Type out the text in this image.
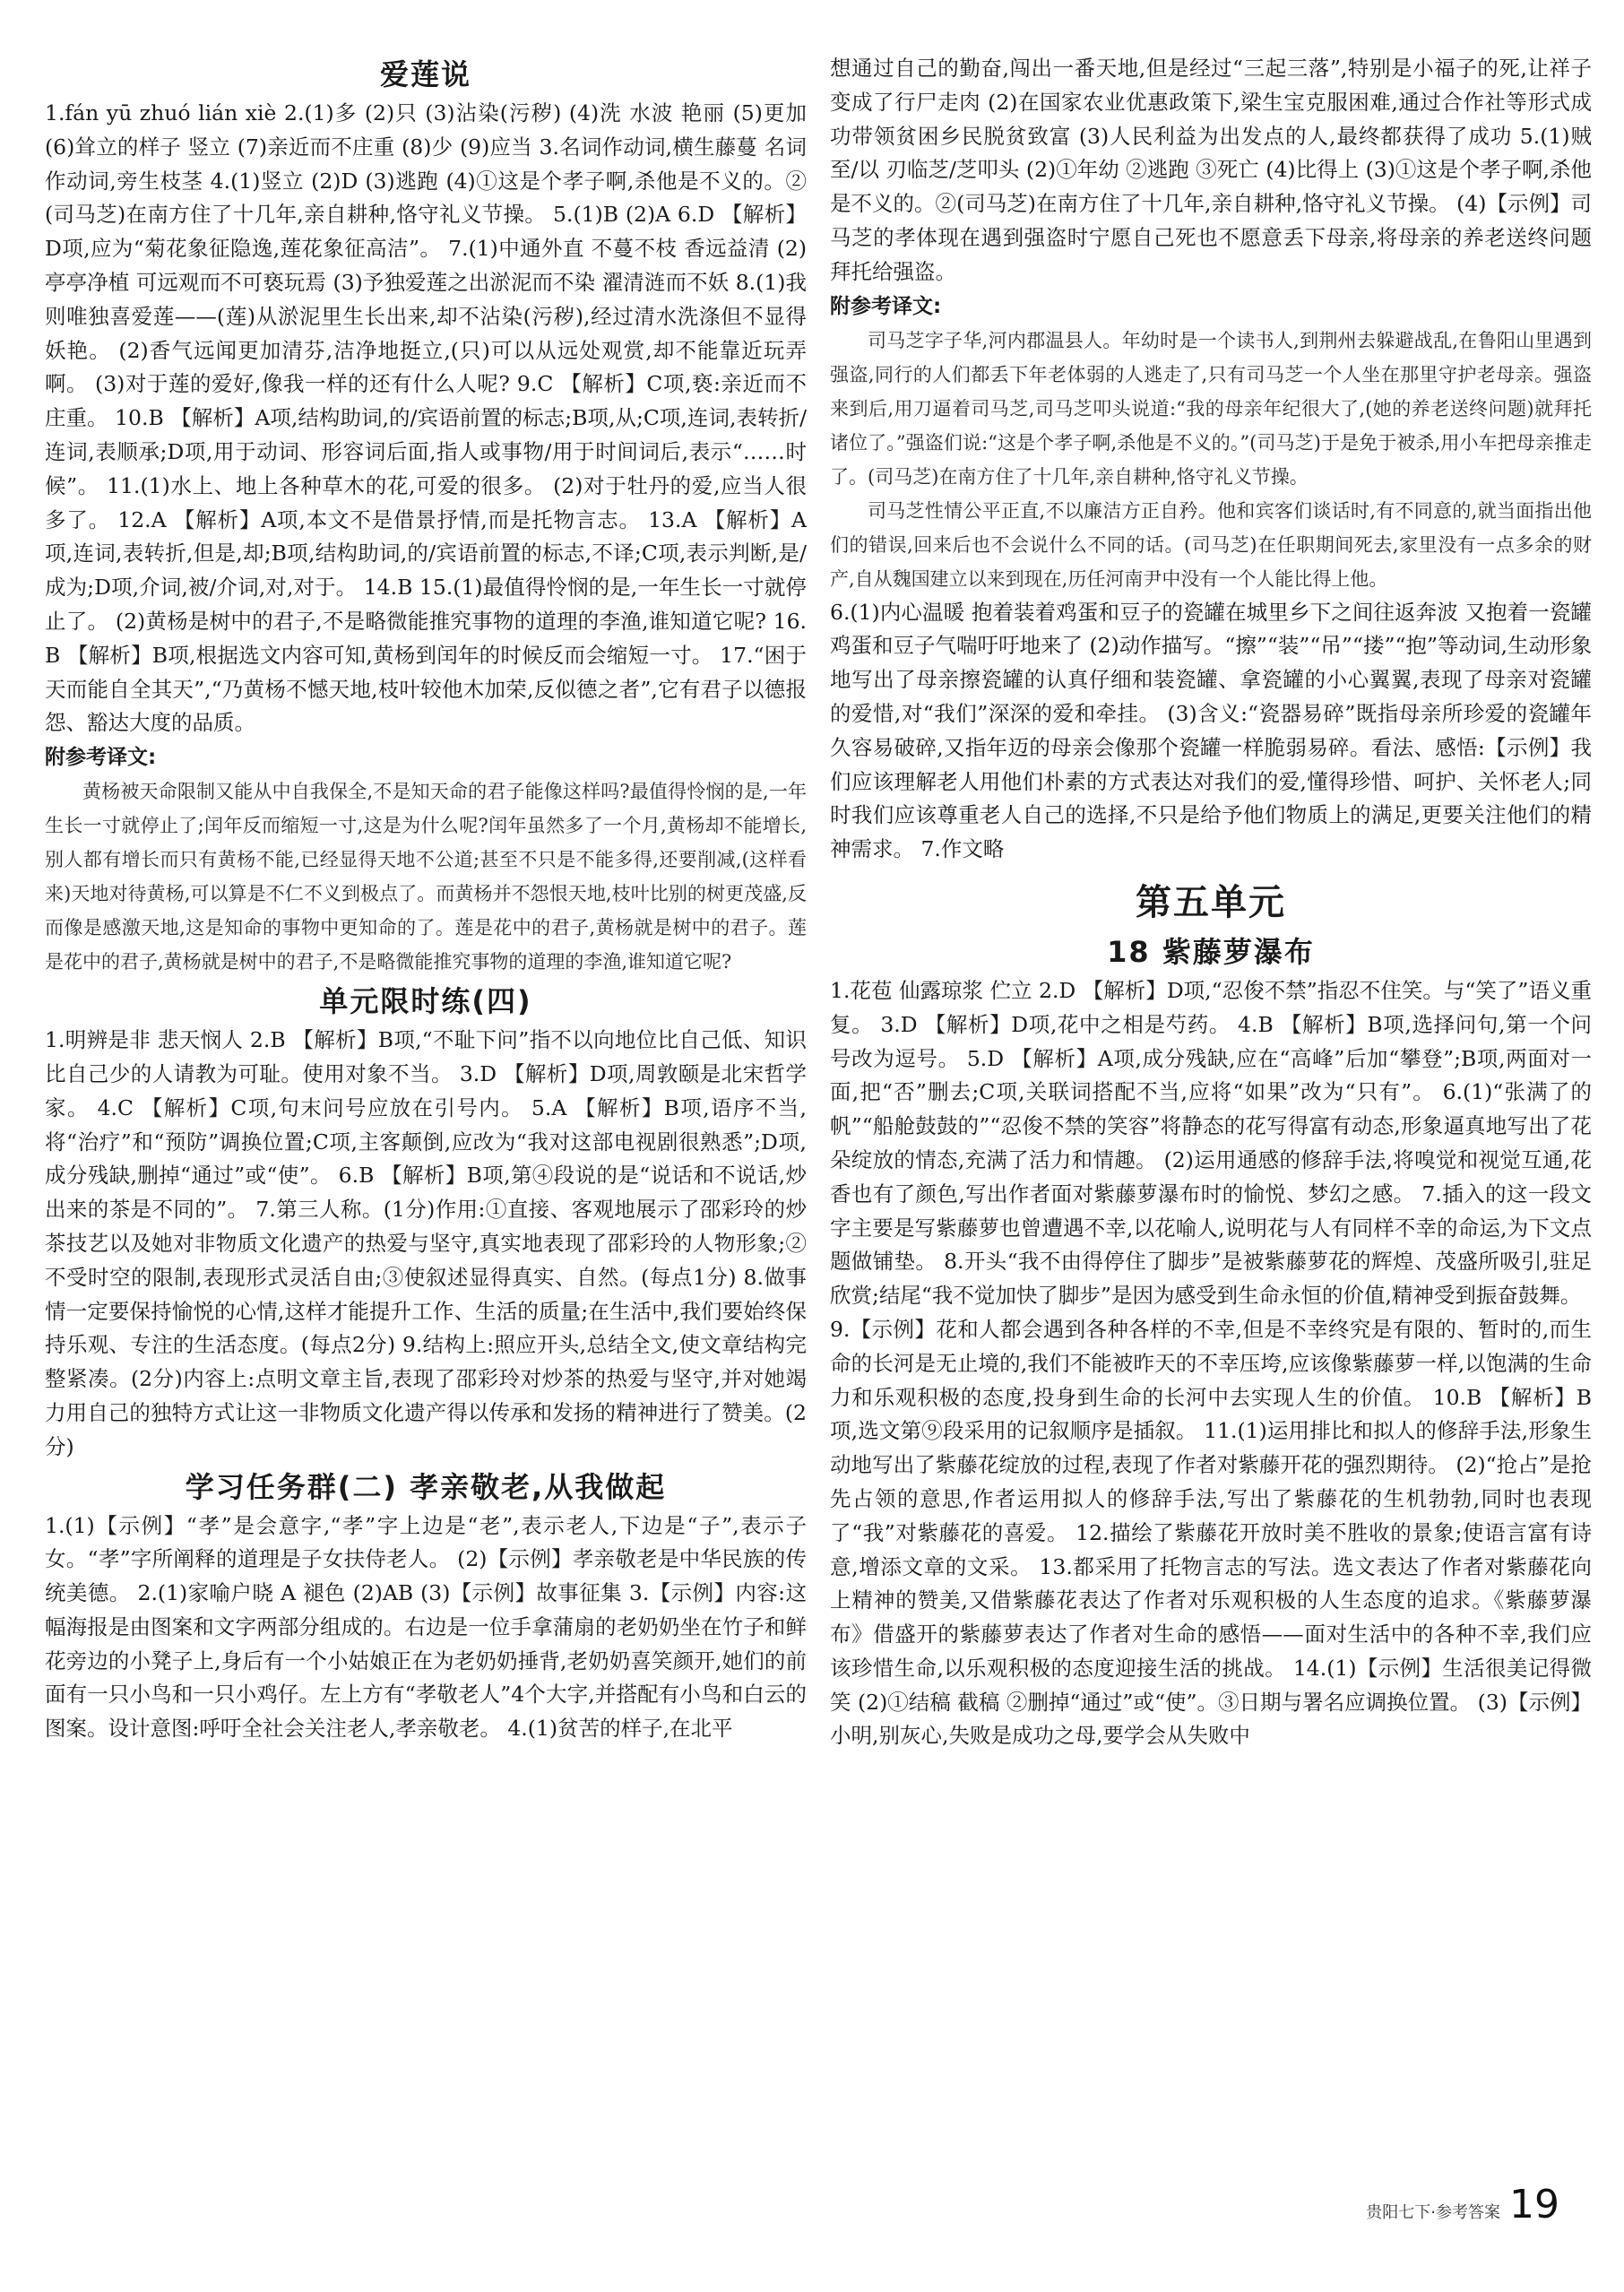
爱莲说

1.fán yū zhuó lián xiè 2.(1)多 (2)只 (3)沾染(污秽) (4)洗 水波 艳丽 (5)更加 (6)耸立的样子 竖立 (7)亲近而不庄重 (8)少 (9)应当 3.名词作动词,横生藤蔓 名词作动词,旁生枝茎 4.(1)竖立 (2)D (3)逃跑 (4)①这是个孝子啊,杀他是不义的。②(司马芝)在南方住了十几年,亲自耕种,恪守礼义节操。 5.(1)B (2)A 6.D 【解析】D项,应为“菊花象征隐逸,莲花象征高洁”。 7.(1)中通外直 不蔓不枝 香远益清 (2)亭亭净植 可远观而不可亵玩焉 (3)予独爱莲之出淤泥而不染 濯清涟而不妖 8.(1)我则唯独喜爱莲——(莲)从淤泥里生长出来,却不沾染(污秽),经过清水洗涤但不显得妖艳。 (2)香气远闻更加清芬,洁净地挺立,(只)可以从远处观赏,却不能靠近玩弄啊。 (3)对于莲的爱好,像我一样的还有什么人呢? 9.C 【解析】C项,亵:亲近而不庄重。 10.B 【解析】A项,结构助词,的/宾语前置的标志;B项,从;C项,连词,表转折/连词,表顺承;D项,用于动词、形容词后面,指人或事物/用于时间词后,表示“……时候”。 11.(1)水上、地上各种草木的花,可爱的很多。 (2)对于牡丹的爱,应当人很多了。 12.A 【解析】A项,本文不是借景抒情,而是托物言志。 13.A 【解析】A项,连词,表转折,但是,却;B项,结构助词,的/宾语前置的标志,不译;C项,表示判断,是/成为;D项,介词,被/介词,对,对于。 14.B 15.(1)最值得怜悯的是,一年生长一寸就停止了。 (2)黄杨是树中的君子,不是略微能推究事物的道理的李渔,谁知道它呢? 16.B 【解析】B项,根据选文内容可知,黄杨到闰年的时候反而会缩短一寸。 17.“困于天而能自全其天”,“乃黄杨不憾天地,枝叶较他木加荣,反似德之者”,它有君子以德报怨、豁达大度的品质。

附参考译文:

黄杨被天命限制又能从中自我保全,不是知天命的君子能像这样吗?最值得怜悯的是,一年生长一寸就停止了;闰年反而缩短一寸,这是为什么呢?闰年虽然多了一个月,黄杨却不能增长,别人都有增长而只有黄杨不能,已经显得天地不公道;甚至不只是不能多得,还要削减,(这样看来)天地对待黄杨,可以算是不仁不义到极点了。而黄杨并不怨恨天地,枝叶比别的树更茂盛,反而像是感激天地,这是知命的事物中更知命的了。莲是花中的君子,黄杨就是树中的君子。莲是花中的君子,黄杨就是树中的君子,不是略微能推究事物的道理的李渔,谁知道它呢?

单元限时练(四)

1.明辨是非 悲天悯人 2.B 【解析】B项,“不耻下问”指不以向地位比自己低、知识比自己少的人请教为可耻。使用对象不当。 3.D 【解析】D项,周敦颐是北宋哲学家。 4.C 【解析】C项,句末问号应放在引号内。 5.A 【解析】B项,语序不当,将“治疗”和“预防”调换位置;C项,主客颠倒,应改为“我对这部电视剧很熟悉”;D项,成分残缺,删掉“通过”或“使”。 6.B 【解析】B项,第④段说的是“说话和不说话,炒出来的茶是不同的”。 7.第三人称。(1分)作用:①直接、客观地展示了邵彩玲的炒茶技艺以及她对非物质文化遗产的热爱与坚守,真实地表现了邵彩玲的人物形象;②不受时空的限制,表现形式灵活自由;③使叙述显得真实、自然。(每点1分) 8.做事情一定要保持愉悦的心情,这样才能提升工作、生活的质量;在生活中,我们要始终保持乐观、专注的生活态度。(每点2分) 9.结构上:照应开头,总结全文,使文章结构完整紧凑。(2分)内容上:点明文章主旨,表现了邵彩玲对炒茶的热爱与坚守,并对她竭力用自己的独特方式让这一非物质文化遗产得以传承和发扬的精神进行了赞美。(2分)

学习任务群(二) 孝亲敬老,从我做起

1.(1)【示例】“孝”是会意字,“孝”字上边是“老”,表示老人,下边是“子”,表示子女。“孝”字所阐释的道理是子女扶侍老人。 (2)【示例】孝亲敬老是中华民族的传统美德。 2.(1)家喻户晓 A 褪色 (2)AB (3)【示例】故事征集 3.【示例】内容:这幅海报是由图案和文字两部分组成的。右边是一位手拿蒲扇的老奶奶坐在竹子和鲜花旁边的小凳子上,身后有一个小姑娘正在为老奶奶捶背,老奶奶喜笑颜开,她们的前面有一只小鸟和一只小鸡仔。左上方有“孝敬老人”4个大字,并搭配有小鸟和白云的图案。设计意图:呼吁全社会关注老人,孝亲敬老。 4.(1)贫苦的样子,在北平

想通过自己的勤奋,闯出一番天地,但是经过“三起三落”,特别是小福子的死,让祥子变成了行尸走肉 (2)在国家农业优惠政策下,梁生宝克服困难,通过合作社等形式成功带领贫困乡民脱贫致富 (3)人民利益为出发点的人,最终都获得了成功 5.(1)贼 至/以 刃临芝/芝叩头 (2)①年幼 ②逃跑 ③死亡 (4)比得上 (3)①这是个孝子啊,杀他是不义的。②(司马芝)在南方住了十几年,亲自耕种,恪守礼义节操。 (4)【示例】司马芝的孝体现在遇到强盗时宁愿自己死也不愿意丢下母亲,将母亲的养老送终问题拜托给强盗。

附参考译文:

司马芝字子华,河内郡温县人。年幼时是一个读书人,到荆州去躲避战乱,在鲁阳山里遇到强盗,同行的人们都丢下年老体弱的人逃走了,只有司马芝一个人坐在那里守护老母亲。强盗来到后,用刀逼着司马芝,司马芝叩头说道:“我的母亲年纪很大了,(她的养老送终问题)就拜托诸位了。”强盗们说:“这是个孝子啊,杀他是不义的。”(司马芝)于是免于被杀,用小车把母亲推走了。(司马芝)在南方住了十几年,亲自耕种,恪守礼义节操。

司马芝性情公平正直,不以廉洁方正自矜。他和宾客们谈话时,有不同意的,就当面指出他们的错误,回来后也不会说什么不同的话。(司马芝)在任职期间死去,家里没有一点多余的财产,自从魏国建立以来到现在,历任河南尹中没有一个人能比得上他。

6.(1)内心温暖 抱着装着鸡蛋和豆子的瓷罐在城里乡下之间往返奔波 又抱着一瓷罐鸡蛋和豆子气喘吁吁地来了 (2)动作描写。“擦”“装”“吊”“搂”“抱”等动词,生动形象地写出了母亲擦瓷罐的认真仔细和装瓷罐、拿瓷罐的小心翼翼,表现了母亲对瓷罐的爱惜,对“我们”深深的爱和牵挂。 (3)含义:“瓷器易碎”既指母亲所珍爱的瓷罐年久容易破碎,又指年迈的母亲会像那个瓷罐一样脆弱易碎。看法、感悟:【示例】我们应该理解老人用他们朴素的方式表达对我们的爱,懂得珍惜、呵护、关怀老人;同时我们应该尊重老人自己的选择,不只是给予他们物质上的满足,更要关注他们的精神需求。 7.作文略

第五单元
18 紫藤萝瀑布

1.花苞 仙露琼浆 伫立 2.D 【解析】D项,“忍俊不禁”指忍不住笑。与“笑了”语义重复。 3.D 【解析】D项,花中之相是芍药。 4.B 【解析】B项,选择问句,第一个问号改为逗号。 5.D 【解析】A项,成分残缺,应在“高峰”后加“攀登”;B项,两面对一面,把“否”删去;C项,关联词搭配不当,应将“如果”改为“只有”。 6.(1)“张满了的帆”“船舱鼓鼓的”“忍俊不禁的笑容”将静态的花写得富有动态,形象逼真地写出了花朵绽放的情态,充满了活力和情趣。 (2)运用通感的修辞手法,将嗅觉和视觉互通,花香也有了颜色,写出作者面对紫藤萝瀑布时的愉悦、梦幻之感。 7.插入的这一段文字主要是写紫藤萝也曾遭遇不幸,以花喻人,说明花与人有同样不幸的命运,为下文点题做铺垫。 8.开头“我不由得停住了脚步”是被紫藤萝花的辉煌、茂盛所吸引,驻足欣赏;结尾“我不觉加快了脚步”是因为感受到生命永恒的价值,精神受到振奋鼓舞。

9.【示例】花和人都会遇到各种各样的不幸,但是不幸终究是有限的、暂时的,而生命的长河是无止境的,我们不能被昨天的不幸压垮,应该像紫藤萝一样,以饱满的生命力和乐观积极的态度,投身到生命的长河中去实现人生的价值。 10.B 【解析】B项,选文第⑨段采用的记叙顺序是插叙。 11.(1)运用排比和拟人的修辞手法,形象生动地写出了紫藤花绽放的过程,表现了作者对紫藤开花的强烈期待。 (2)“抢占”是抢先占领的意思,作者运用拟人的修辞手法,写出了紫藤花的生机勃勃,同时也表现了“我”对紫藤花的喜爱。 12.描绘了紫藤花开放时美不胜收的景象;使语言富有诗意,增添文章的文采。 13.都采用了托物言志的写法。选文表达了作者对紫藤花向上精神的赞美,又借紫藤花表达了作者对乐观积极的人生态度的追求。《紫藤萝瀑布》借盛开的紫藤萝表达了作者对生命的感悟——面对生活中的各种不幸,我们应该珍惜生命,以乐观积极的态度迎接生活的挑战。 14.(1)【示例】生活很美记得微笑 (2)①结稿 截稿 ②删掉“通过”或“使”。③日期与署名应调换位置。 (3)【示例】小明,别灰心,失败是成功之母,要学会从失败中

贵阳七下·参考答案 19
